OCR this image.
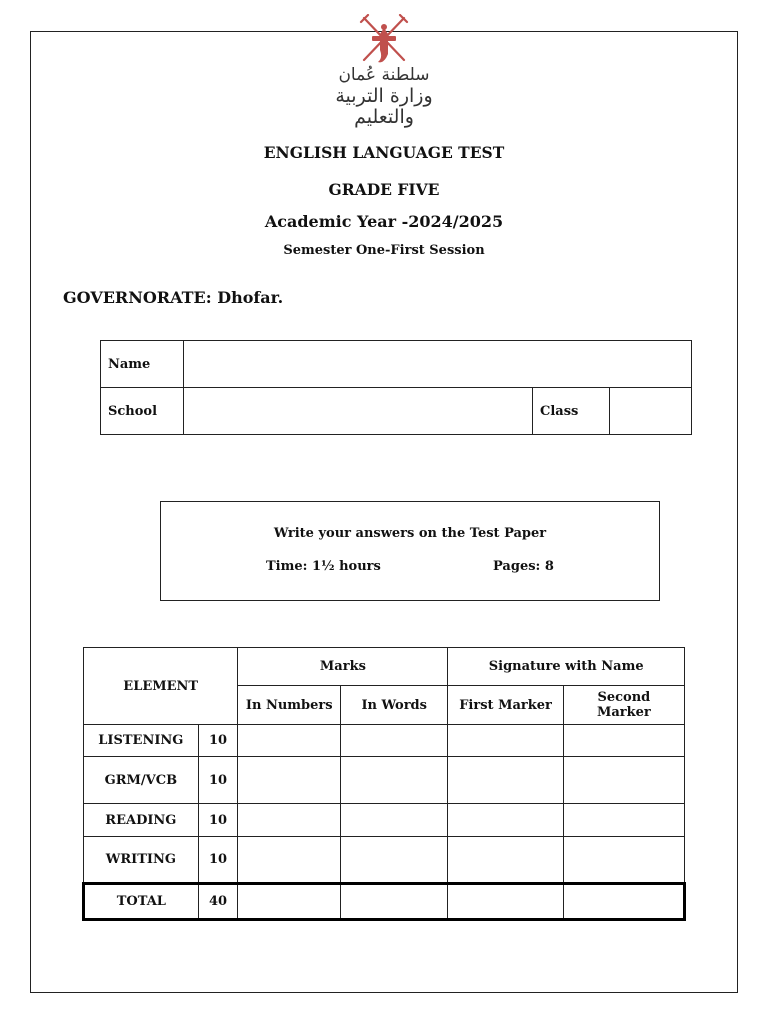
سلطنة عُمان
وزارة التربية والتعليم
ENGLISH LANGUAGE TEST
GRADE FIVE
Academic Year -2024/2025
Semester One-First Session
GOVERNORATE: Dhofar.
Name			
School		Class	
Write your answers on the Test Paper
Time: 1½ hours	Pages: 8
ELEMENT		Marks		Signature with Name	
		In Numbers	In Words	First Marker	Second
Marker
LISTENING	10				
GRM/VCB	10				
READING	10				
WRITING	10				
TOTAL	40				
